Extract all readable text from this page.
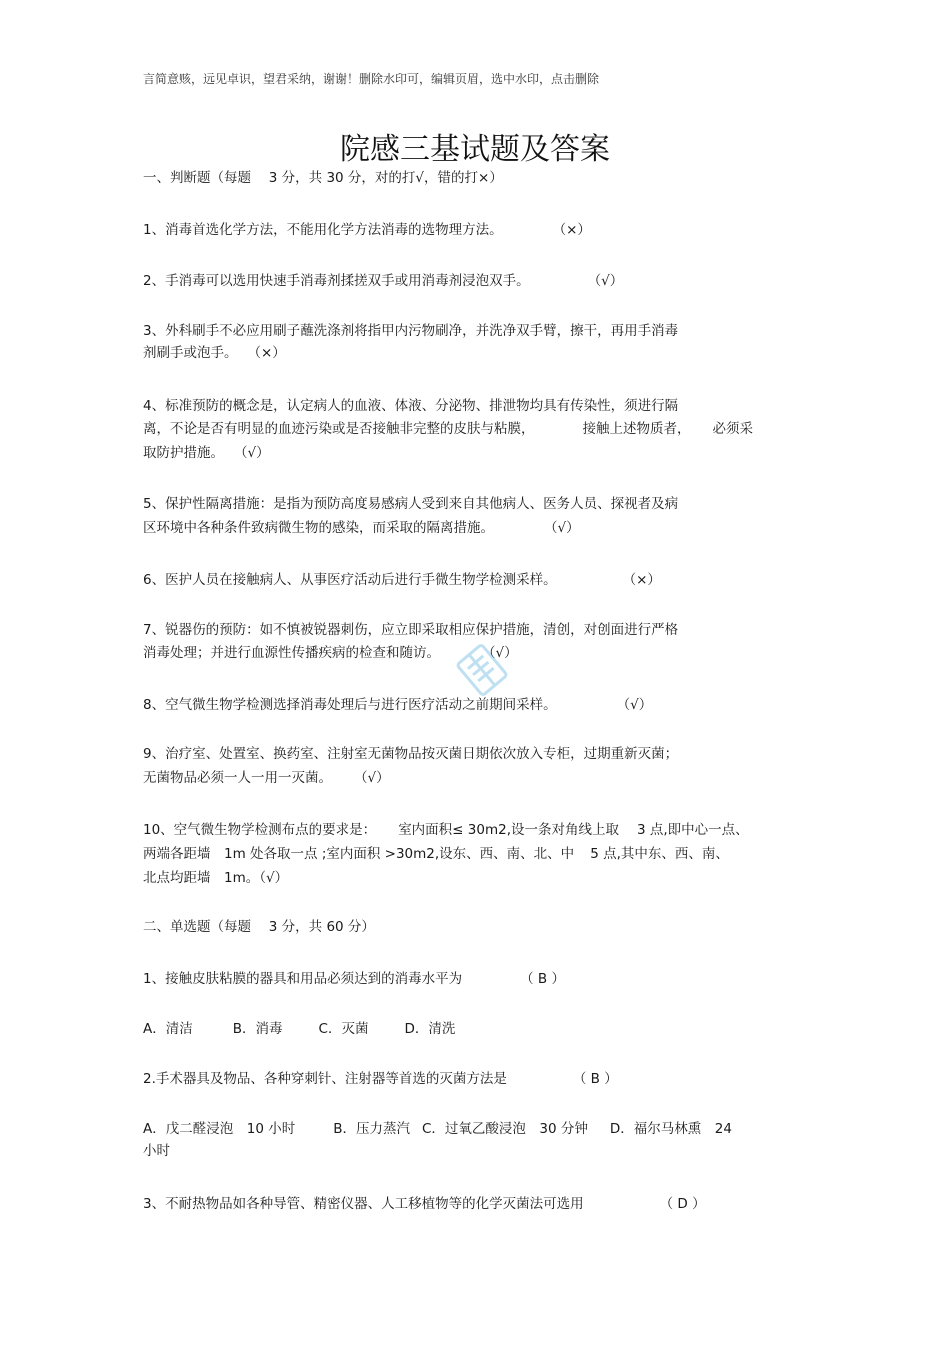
言简意赅，远见卓识，望君采纳，谢谢！删除水印可，编辑页眉，选中水印，点击删除
院感三基试题及答案
一、判断题（每题　 3 分，共 30 分，对的打√，错的打×）
1、消毒首选化学方法，不能用化学方法消毒的选物理方法。	（×）
2、手消毒可以选用快速手消毒剂揉搓双手或用消毒剂浸泡双手。	（√）
3、外科刷手不必应用刷子蘸洗涤剂将指甲内污物刷净，并洗净双手臂，擦干，再用手消毒
剂刷手或泡手。 （×）
4、标准预防的概念是，认定病人的血液、体液、分泌物、排泄物均具有传染性，须进行隔
离，不论是否有明显的血迹污染或是否接触非完整的皮肤与粘膜，	接触上述物质者， 必须采
取防护措施。 （√）
5、保护性隔离措施：是指为预防高度易感病人受到来自其他病人、医务人员、探视者及病
区环境中各种条件致病微生物的感染，而采取的隔离措施。	（√）
6、医护人员在接触病人、从事医疗活动后进行手微生物学检测采样。	（×）
7、锐器伤的预防：如不慎被锐器刺伤，应立即采取相应保护措施，清创，对创面进行严格
消毒处理；并进行血源性传播疾病的检查和随访。	（√）
8、空气微生物学检测选择消毒处理后与进行医疗活动之前期间采样。	（√）
9、治疗室、处置室、换药室、注射室无菌物品按灭菌日期依次放入专柜，过期重新灭菌；
无菌物品必须一人一用一灭菌。 （√）
10、空气微生物学检测布点的要求是： 室内面积≤ 30m2,设一条对角线上取 3 点,即中心一点、
两端各距墙　1m 处各取一点 ;室内面积 >30m2,设东、西、南、北、中 5 点,其中东、西、南、
北点均距墙　1m。（√）
二、单选题（每题　 3 分，共 60 分）
1、接触皮肤粘膜的器具和用品必须达到的消毒水平为	（ B ）
A．清洁	B．消毒	C．灭菌	D．清洗
2.手术器具及物品、各种穿刺针、注射器等首选的灭菌方法是	（ B ）
A．戊二醛浸泡　10 小时	B．压力蒸汽 C．过氧乙酸浸泡　30 分钟 D．福尔马林熏　24
小时
3、不耐热物品如各种导管、精密仪器、人工移植物等的化学灭菌法可选用	（ D ）
